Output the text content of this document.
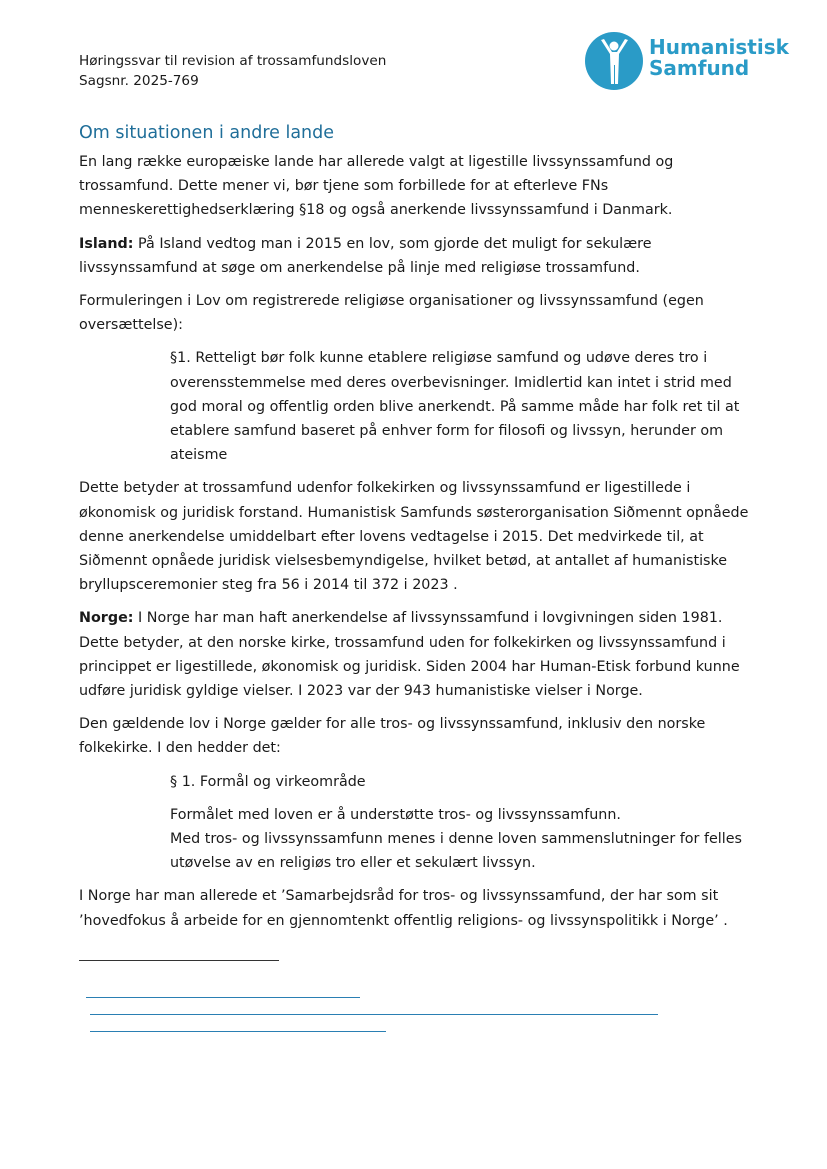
Høringssvar til revision af trossamfundsloven
Sagsnr. 2025-769
Humanistisk
Samfund
Om situationen i andre lande

En lang række europæiske lande har allerede valgt at ligestille livssynssamfund og trossamfund. Dette mener vi, bør tjene som forbillede for at efterleve FNs menneskerettighedserklæring §18 og også anerkende livssynssamfund i Danmark.

Island: På Island vedtog man i 2015 en lov, som gjorde det muligt for sekulære livssynssamfund at søge om anerkendelse på linje med religiøse trossamfund.

Formuleringen i Lov om registrerede religiøse organisationer og livssynssamfund (egen oversættelse):

§1. Retteligt bør folk kunne etablere religiøse samfund og udøve deres tro i overensstemmelse med deres overbevisninger. Imidlertid kan intet i strid med god moral og offentlig orden blive anerkendt. På samme måde har folk ret til at etablere samfund baseret på enhver form for filosofi og livssyn, herunder om ateisme

Dette betyder at trossamfund udenfor folkekirken og livssynssamfund er ligestillede i økonomisk og juridisk forstand. Humanistisk Samfunds søsterorganisation Siðmennt opnåede denne anerkendelse umiddelbart efter lovens vedtagelse i 2015. Det medvirkede til, at Siðmennt opnåede juridisk vielsesbemyndigelse, hvilket betød, at antallet af humanistiske bryllupsceremonier steg fra 56 i 2014 til 372 i 2023 .

Norge: I Norge har man haft anerkendelse af livssynssamfund i lovgivningen siden 1981. Dette betyder, at den norske kirke, trossamfund uden for folkekirken og livssynssamfund i princippet er ligestillede, økonomisk og juridisk. Siden 2004 har Human-Etisk forbund kunne udføre juridisk gyldige vielser. I 2023 var der 943 humanistiske vielser i Norge.

Den gældende lov i Norge gælder for alle tros- og livssynssamfund, inklusiv den norske folkekirke. I den hedder det:

§ 1. Formål og virkeområde

Formålet med loven er å understøtte tros- og livssynssamfunn.

Med tros- og livssynssamfunn menes i denne loven sammenslutninger for felles utøvelse av en religiøs tro eller et sekulært livssyn.

I Norge har man allerede et ’Samarbejdsråd for tros- og livssynssamfund, der har som sit ’hovedfokus å arbeide for en gjennomtenkt offentlig religions- og livssynspolitikk i Norge’ .
